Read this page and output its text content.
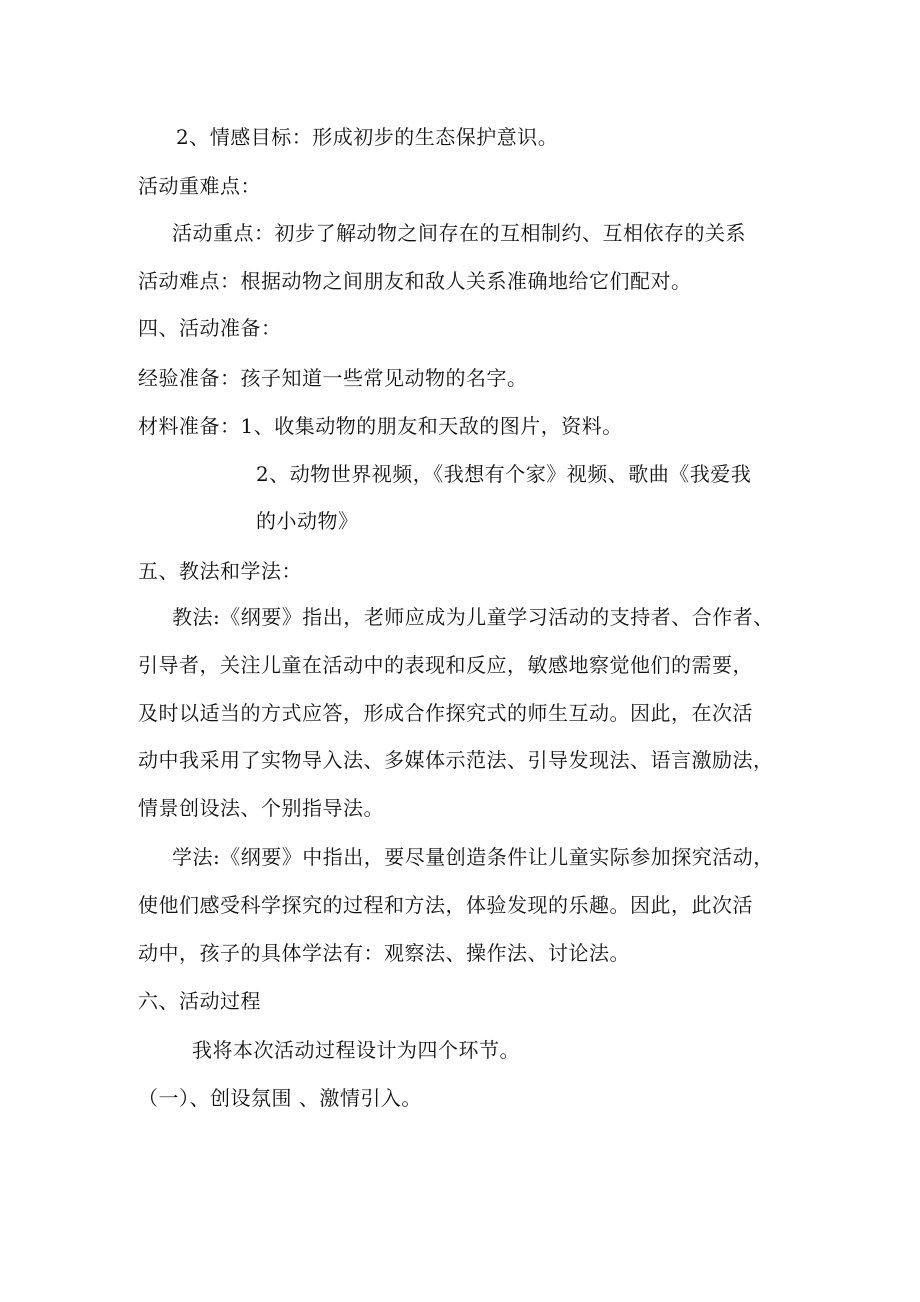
2、情感目标：形成初步的生态保护意识。
活动重难点：
活动重点：初步了解动物之间存在的互相制约、互相依存的关系
活动难点：根据动物之间朋友和敌人关系准确地给它们配对。
四、活动准备：
经验准备：孩子知道一些常见动物的名字。
材料准备：1、收集动物的朋友和天敌的图片，资料。
2、动物世界视频，《我想有个家》视频、歌曲《我爱我
的小动物》
五、教法和学法：
教法:《纲要》指出，老师应成为儿童学习活动的支持者、合作者、
引导者，关注儿童在活动中的表现和反应，敏感地察觉他们的需要，
及时以适当的方式应答，形成合作探究式的师生互动。因此，在次活
动中我采用了实物导入法、多媒体示范法、引导发现法、语言激励法，
情景创设法、个别指导法。
学法:《纲要》中指出，要尽量创造条件让儿童实际参加探究活动，
使他们感受科学探究的过程和方法，体验发现的乐趣。因此，此次活
动中，孩子的具体学法有：观察法、操作法、讨论法。
六、活动过程
我将本次活动过程设计为四个环节。
（一）、创设氛围 、激情引入。
